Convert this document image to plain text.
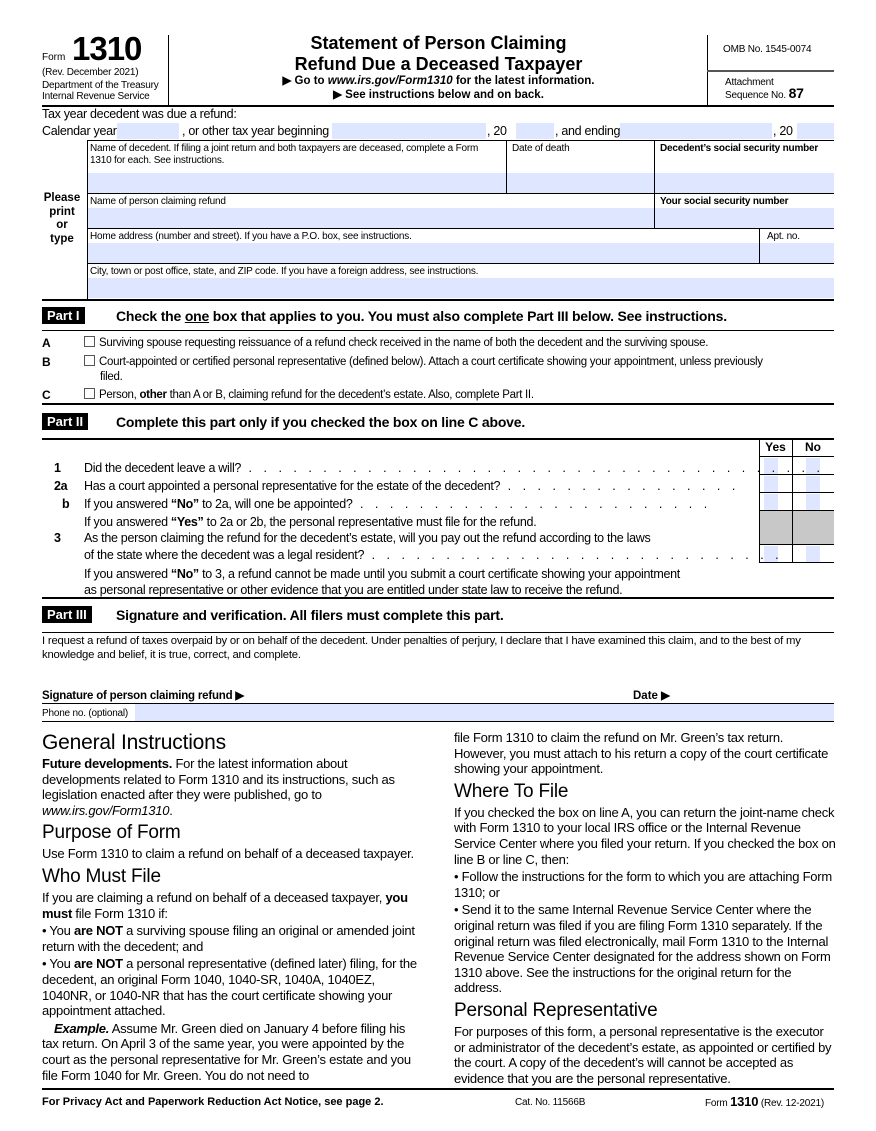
Form 1310
(Rev. December 2021)
Department of the Treasury
Internal Revenue Service
Statement of Person Claiming
Refund Due a Deceased Taxpayer
▶ Go to www.irs.gov/Form1310 for the latest information.
▶ See instructions below and on back.
OMB No. 1545-0074
Attachment
Sequence No. 87
Tax year decedent was due a refund:
Calendar year	, or other tax year beginning	, 20	, and ending	, 20
Please
print
or
type
Name of decedent. If filing a joint return and both taxpayers are deceased, complete a Form 1310 for each. See instructions.
Date of death	Decedent’s social security number
Name of person claiming refund	Your social security number
Home address (number and street). If you have a P.O. box, see instructions.	Apt. no.
City, town or post office, state, and ZIP code. If you have a foreign address, see instructions.
Part I	Check the one box that applies to you. You must also complete Part III below. See instructions.
A	Surviving spouse requesting reissuance of a refund check received in the name of both the decedent and the surviving spouse.
B	Court-appointed or certified personal representative (defined below). Attach a court certificate showing your appointment, unless previously filed.
C	Person, other than A or B, claiming refund for the decedent’s estate. Also, complete Part II.
Part II	Complete this part only if you checked the box on line C above.
Yes	No
1 Did the decedent leave a will? . . . . . . . . . . . . . . . . . . . . . . . . . . . . . . . . . . . . . . .
2a Has a court appointed a personal representative for the estate of the decedent? . . . . . . . . . . . . . . . .
b If you answered “No” to 2a, will one be appointed? . . . . . . . . . . . . . . . . . . . . . . . .
If you answered “Yes” to 2a or 2b, the personal representative must file for the refund.
3 As the person claiming the refund for the decedent’s estate, will you pay out the refund according to the laws
of the state where the decedent was a legal resident? . . . . . . . . . . . . . . . . . . . . . . . . . . . .
If you answered “No” to 3, a refund cannot be made until you submit a court certificate showing your appointment
as personal representative or other evidence that you are entitled under state law to receive the refund.
Part III	Signature and verification. All filers must complete this part.
I request a refund of taxes overpaid by or on behalf of the decedent. Under penalties of perjury, I declare that I have examined this claim, and to the best of my knowledge and belief, it is true, correct, and complete.
Signature of person claiming refund ▶	Date ▶
Phone no. (optional)
General Instructions

Future developments. For the latest information about developments related to Form 1310 and its instructions, such as legislation enacted after they were published, go to www.irs.gov/Form1310.

Purpose of Form

Use Form 1310 to claim a refund on behalf of a deceased taxpayer.

Who Must File

If you are claiming a refund on behalf of a deceased taxpayer, you must file Form 1310 if:

• You are NOT a surviving spouse filing an original or amended joint return with the decedent; and

• You are NOT a personal representative (defined later) filing, for the decedent, an original Form 1040, 1040-SR, 1040A, 1040EZ, 1040NR, or 1040-NR that has the court certificate showing your appointment attached.

Example. Assume Mr. Green died on January 4 before filing his tax return. On April 3 of the same year, you were appointed by the court as the personal representative for Mr. Green’s estate and you file Form 1040 for Mr. Green. You do not need to

file Form 1310 to claim the refund on Mr. Green’s tax return. However, you must attach to his return a copy of the court certificate showing your appointment.

Where To File

If you checked the box on line A, you can return the joint-name check with Form 1310 to your local IRS office or the Internal Revenue Service Center where you filed your return. If you checked the box on line B or line C, then:

• Follow the instructions for the form to which you are attaching Form 1310; or

• Send it to the same Internal Revenue Service Center where the original return was filed if you are filing Form 1310 separately. If the original return was filed electronically, mail Form 1310 to the Internal Revenue Service Center designated for the address shown on Form 1310 above. See the instructions for the original return for the address.

Personal Representative

For purposes of this form, a personal representative is the executor or administrator of the decedent’s estate, as appointed or certified by the court. A copy of the decedent’s will cannot be accepted as evidence that you are the personal representative.

For Privacy Act and Paperwork Reduction Act Notice, see page 2.	Cat. No. 11566B	Form 1310 (Rev. 12-2021)
